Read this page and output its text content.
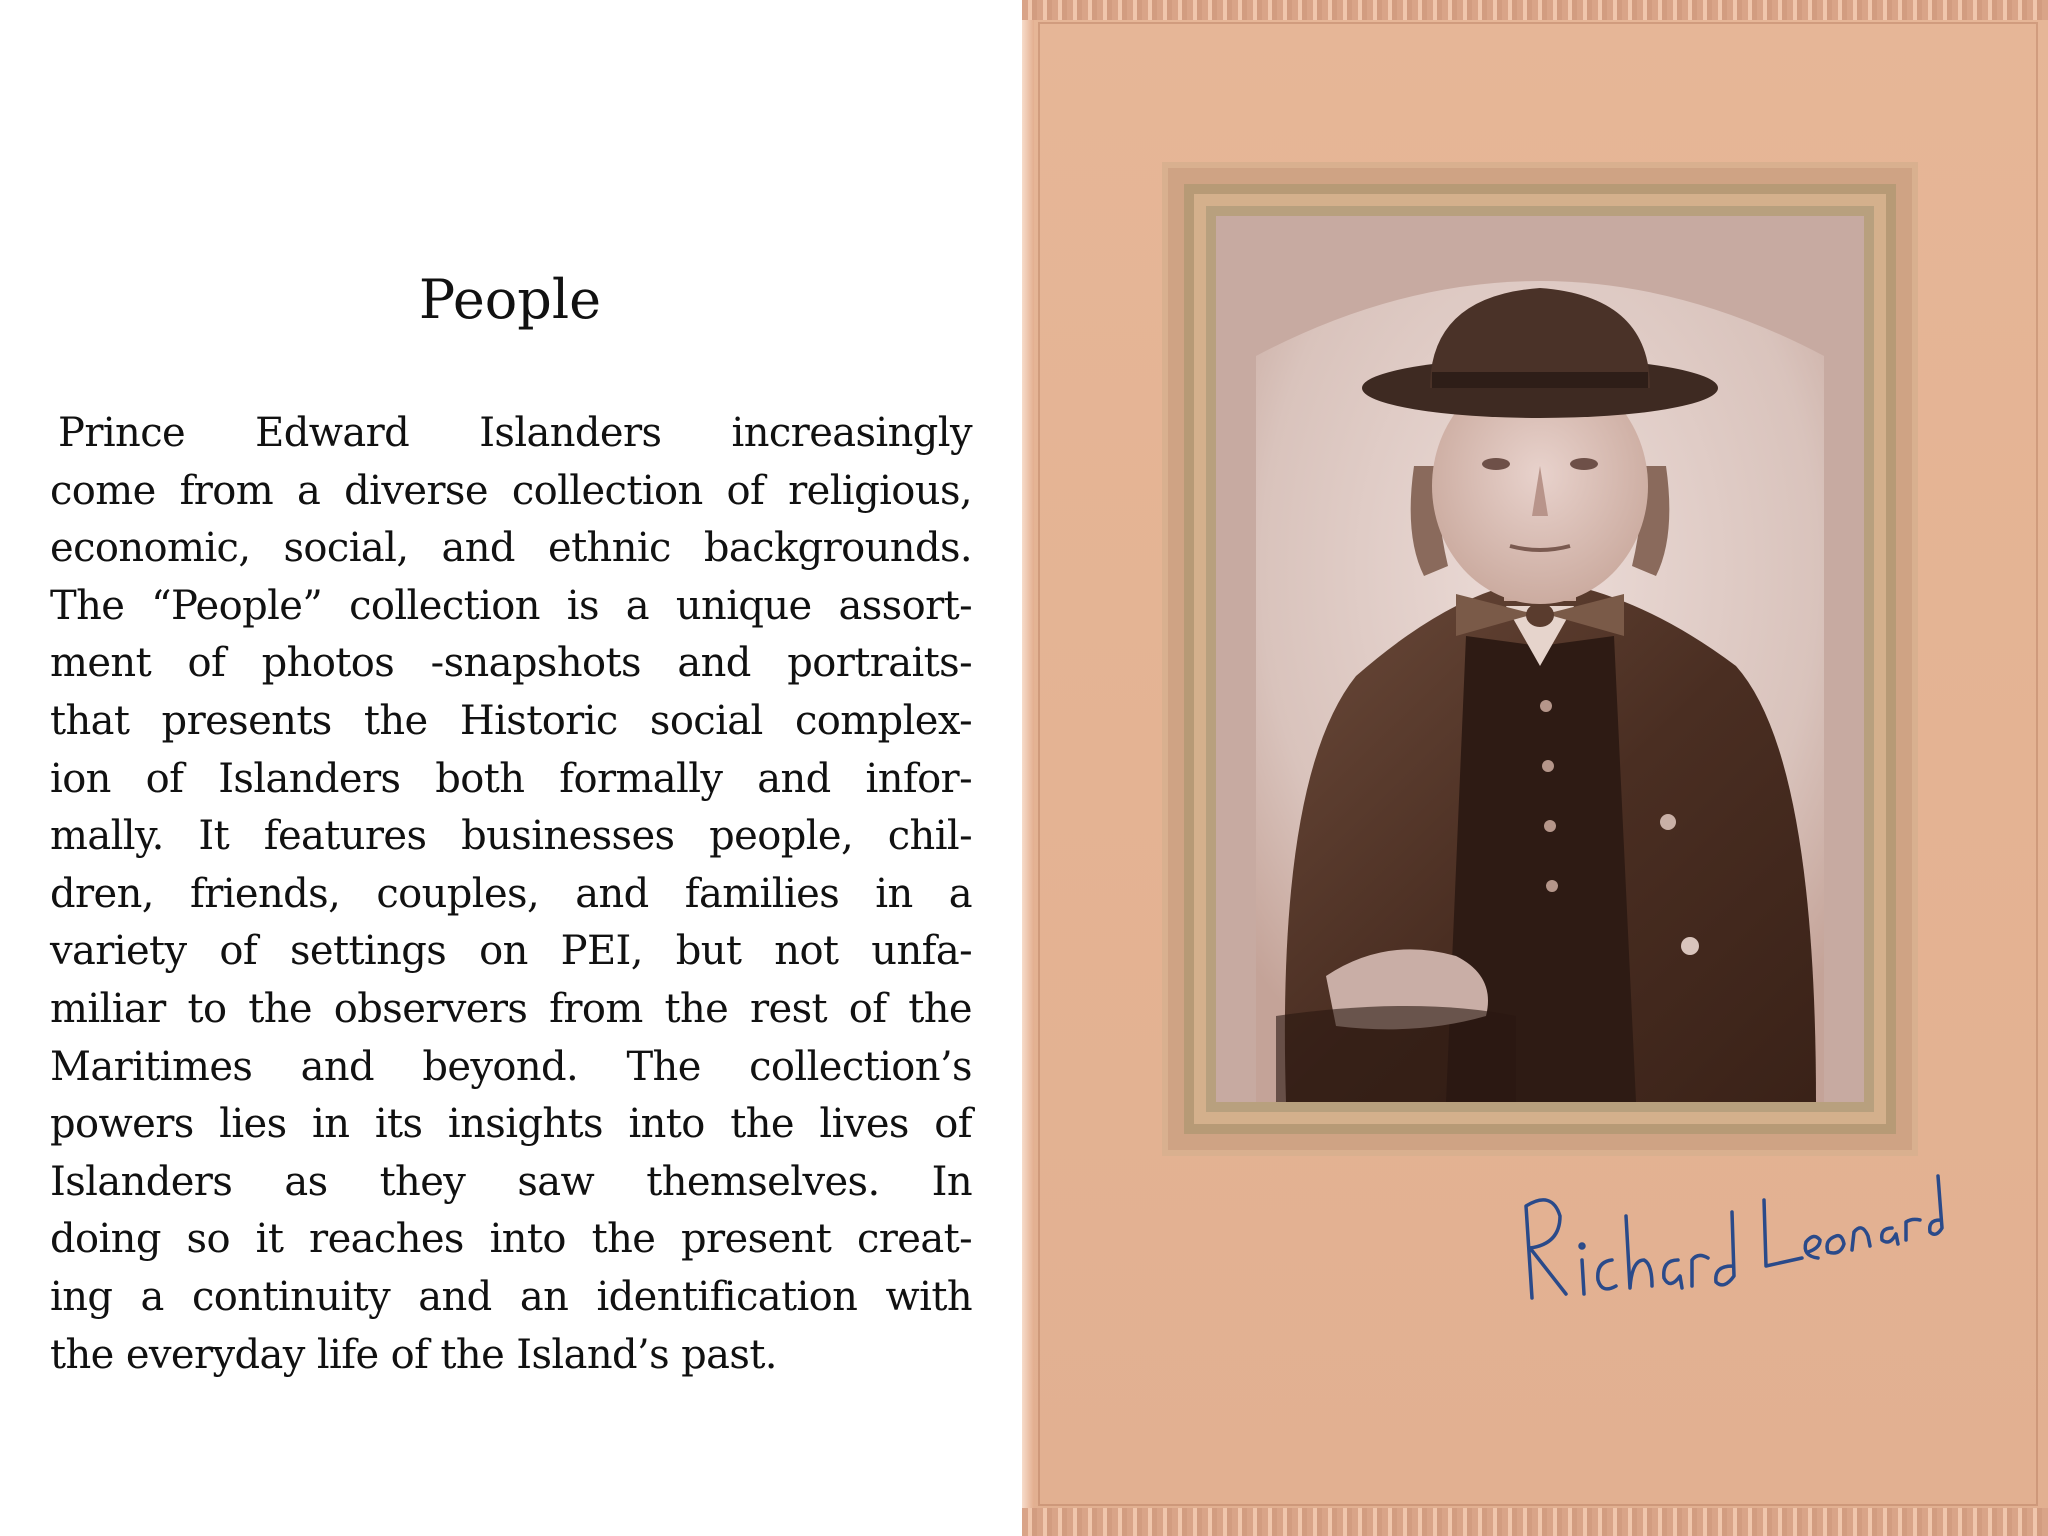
People
Prince Edward Islanders increasingly
come from a diverse collection of religious,
economic, social, and ethnic backgrounds.
The “People” collection is a unique assort-
ment of photos -snapshots and portraits-
that presents the Historic social complex-
ion of Islanders both formally and infor-
mally. It features businesses people, chil-
dren, friends, couples, and families in a
variety of settings on PEI, but not unfa-
miliar to the observers from the rest of the
Maritimes and beyond. The collection’s
powers lies in its insights into the lives of
Islanders as they saw themselves. In
doing so it reaches into the present creat-
ing a continuity and an identification with
the everyday life of the Island’s past.
